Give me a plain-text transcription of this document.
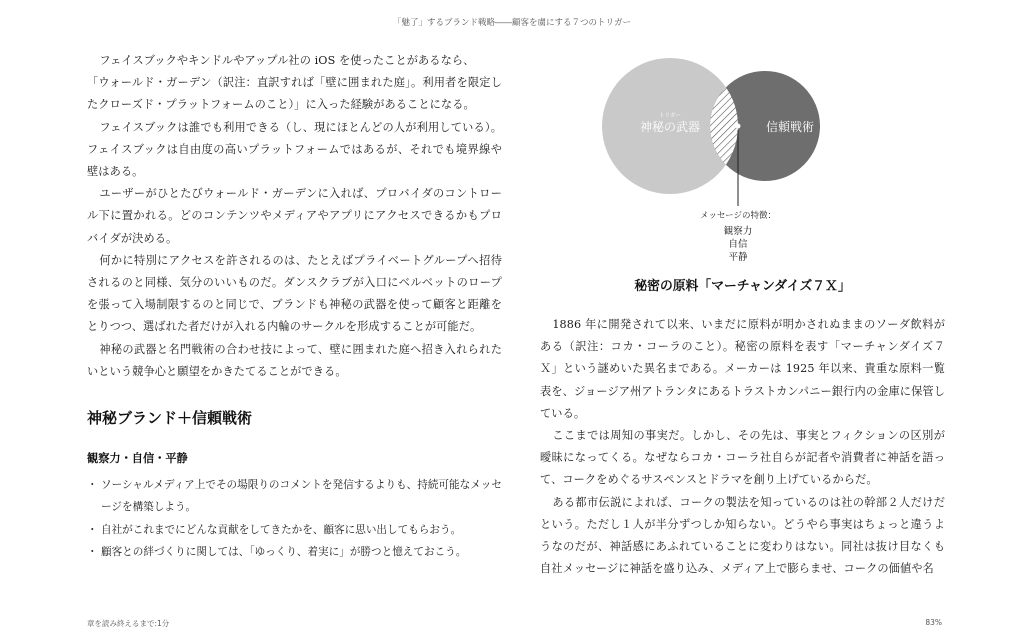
「魅了」するブランド戦略――顧客を虜にする７つのトリガー

フェイスブックやキンドルやアップル社の iOS を使ったことがあるなら、

「ウォールド・ガーデン（訳注：直訳すれば「壁に囲まれた庭」。利用者を限定したクローズド・プラットフォームのこと）」に入った経験があることになる。

フェイスブックは誰でも利用できる（し、現にほとんどの人が利用している）。フェイスブックは自由度の高いプラットフォームではあるが、それでも境界線や壁はある。

ユーザーがひとたびウォールド・ガーデンに入れば、プロバイダのコントロール下に置かれる。どのコンテンツやメディアやアプリにアクセスできるかもプロバイダが決める。

何かに特別にアクセスを許されるのは、たとえばプライベートグループへ招待されるのと同様、気分のいいものだ。ダンスクラブが入口にベルベットのロープを張って入場制限するのと同じで、ブランドも神秘の武器を使って顧客と距離をとりつつ、選ばれた者だけが入れる内輪のサークルを形成することが可能だ。

神秘の武器と名門戦術の合わせ技によって、壁に囲まれた庭へ招き入れられたいという競争心と願望をかきたてることができる。

神秘ブランド＋信頼戦術
観察力・自信・平静
・ ソーシャルメディア上でその場限りのコメントを発信するよりも、持続可能なメッセージを構築しよう。
・ 自社がこれまでにどんな貢献をしてきたかを、顧客に思い出してもらおう。
・ 顧客との絆づくりに関しては、「ゆっくり、着実に」が勝つと憶えておこう。
トリガー
神秘の武器	信頼戦術
メッセージの特徴：
観察力
自信
平静
秘密の原料「マーチャンダイズ７Ｘ」

1886 年に開発されて以来、いまだに原料が明かされぬままのソーダ飲料がある（訳注：コカ・コーラのこと）。秘密の原料を表す「マーチャンダイズ７Ｘ」という謎めいた異名まである。メーカーは 1925 年以来、貴重な原料一覧表を、ジョージア州アトランタにあるトラストカンパニー銀行内の金庫に保管している。

ここまでは周知の事実だ。しかし、その先は、事実とフィクションの区別が曖昧になってくる。なぜならコカ・コーラ社自らが記者や消費者に神話を語って、コークをめぐるサスペンスとドラマを創り上げているからだ。

ある都市伝説によれば、コークの製法を知っているのは社の幹部２人だけだという。ただし１人が半分ずつしか知らない。どうやら事実はちょっと違うようなのだが、神話感にあふれていることに変わりはない。同社は抜け目なくも自社メッセージに神話を盛り込み、メディア上で膨らませ、コークの価値や名

章を読み終えるまで:1分	83%
